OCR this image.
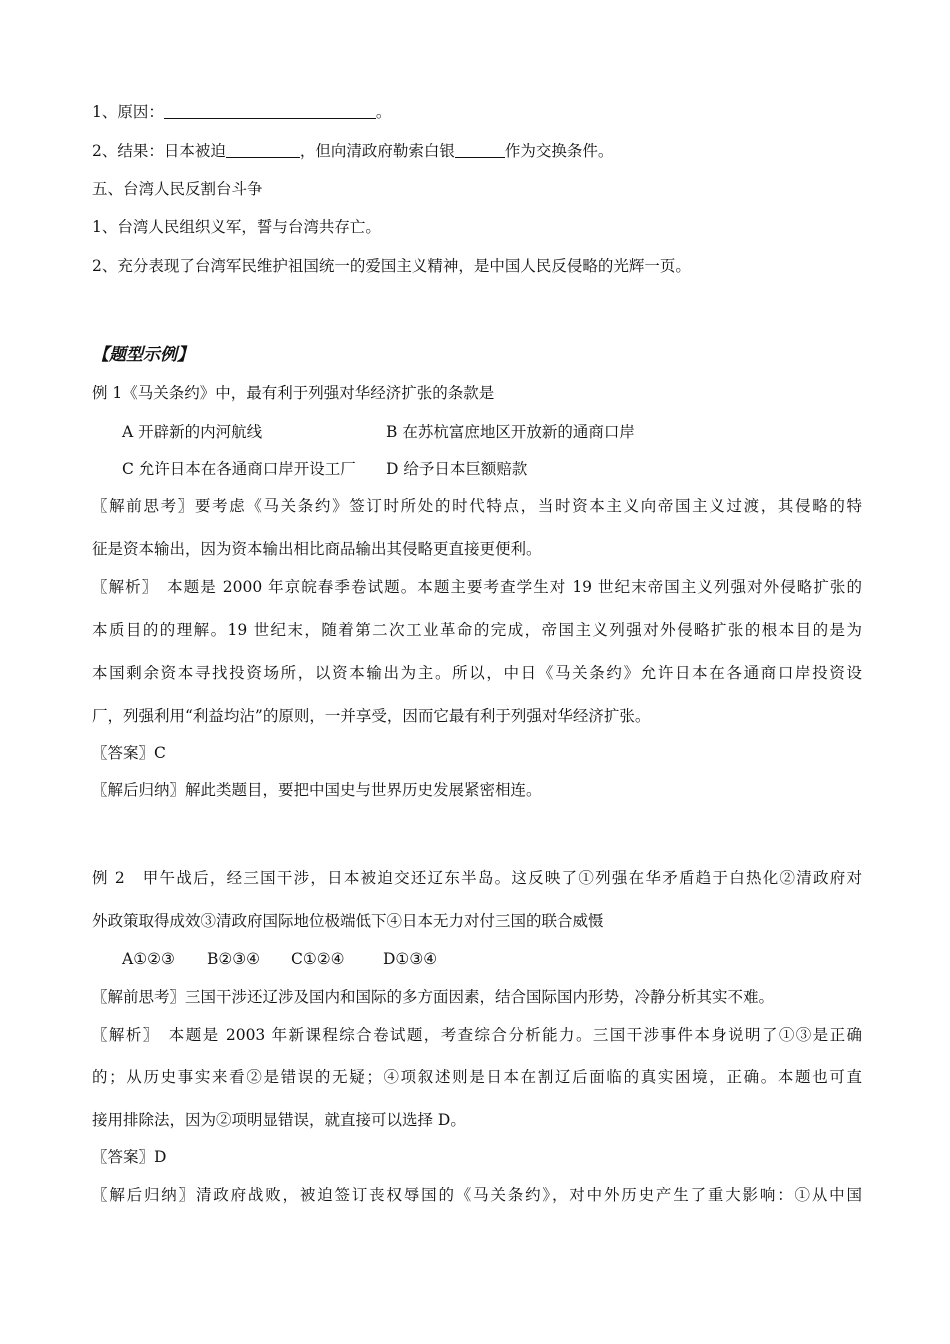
1、原因：	。
2、结果：日本被迫	，但向清政府勒索白银	作为交换条件。
五、台湾人民反割台斗争
1、台湾人民组织义军，誓与台湾共存亡。
2、充分表现了台湾军民维护祖国统一的爱国主义精神，是中国人民反侵略的光辉一页。
【题型示例】
例 1《马关条约》中，最有利于列强对华经济扩张的条款是
A 开辟新的内河航线	B 在苏杭富庶地区开放新的通商口岸
C 允许日本在各通商口岸开设工厂 D 给予日本巨额赔款
〖解前思考〗要考虑《马关条约》签订时所处的时代特点，当时资本主义向帝国主义过渡，其侵略的特
征是资本输出，因为资本输出相比商品输出其侵略更直接更便利。
〖解析〗　本题是 2000 年京皖春季卷试题。本题主要考查学生对 19 世纪末帝国主义列强对外侵略扩张的
本质目的的理解。19 世纪末，随着第二次工业革命的完成，帝国主义列强对外侵略扩张的根本目的是为
本国剩余资本寻找投资场所，以资本输出为主。所以，中日《马关条约》允许日本在各通商口岸投资设
厂，列强利用“利益均沾”的原则，一并享受，因而它最有利于列强对华经济扩张。
〖答案〗C
〖解后归纳〗解此类题目，要把中国史与世界历史发展紧密相连。
例 2　甲午战后，经三国干涉，日本被迫交还辽东半岛。这反映了①列强在华矛盾趋于白热化②清政府对
外政策取得成效③清政府国际地位极端低下④日本无力对付三国的联合威慑
A①②③ B②③④ C①②④ D①③④
〖解前思考〗三国干涉还辽涉及国内和国际的多方面因素，结合国际国内形势，冷静分析其实不难。
〖解析〗　本题是 2003 年新课程综合卷试题，考查综合分析能力。三国干涉事件本身说明了①③是正确
的；从历史事实来看②是错误的无疑；④项叙述则是日本在割辽后面临的真实困境，正确。本题也可直
接用排除法，因为②项明显错误，就直接可以选择 D。
〖答案〗D
〖解后归纳〗清政府战败，被迫签订丧权辱国的《马关条约》，对中外历史产生了重大影响：①从中国
